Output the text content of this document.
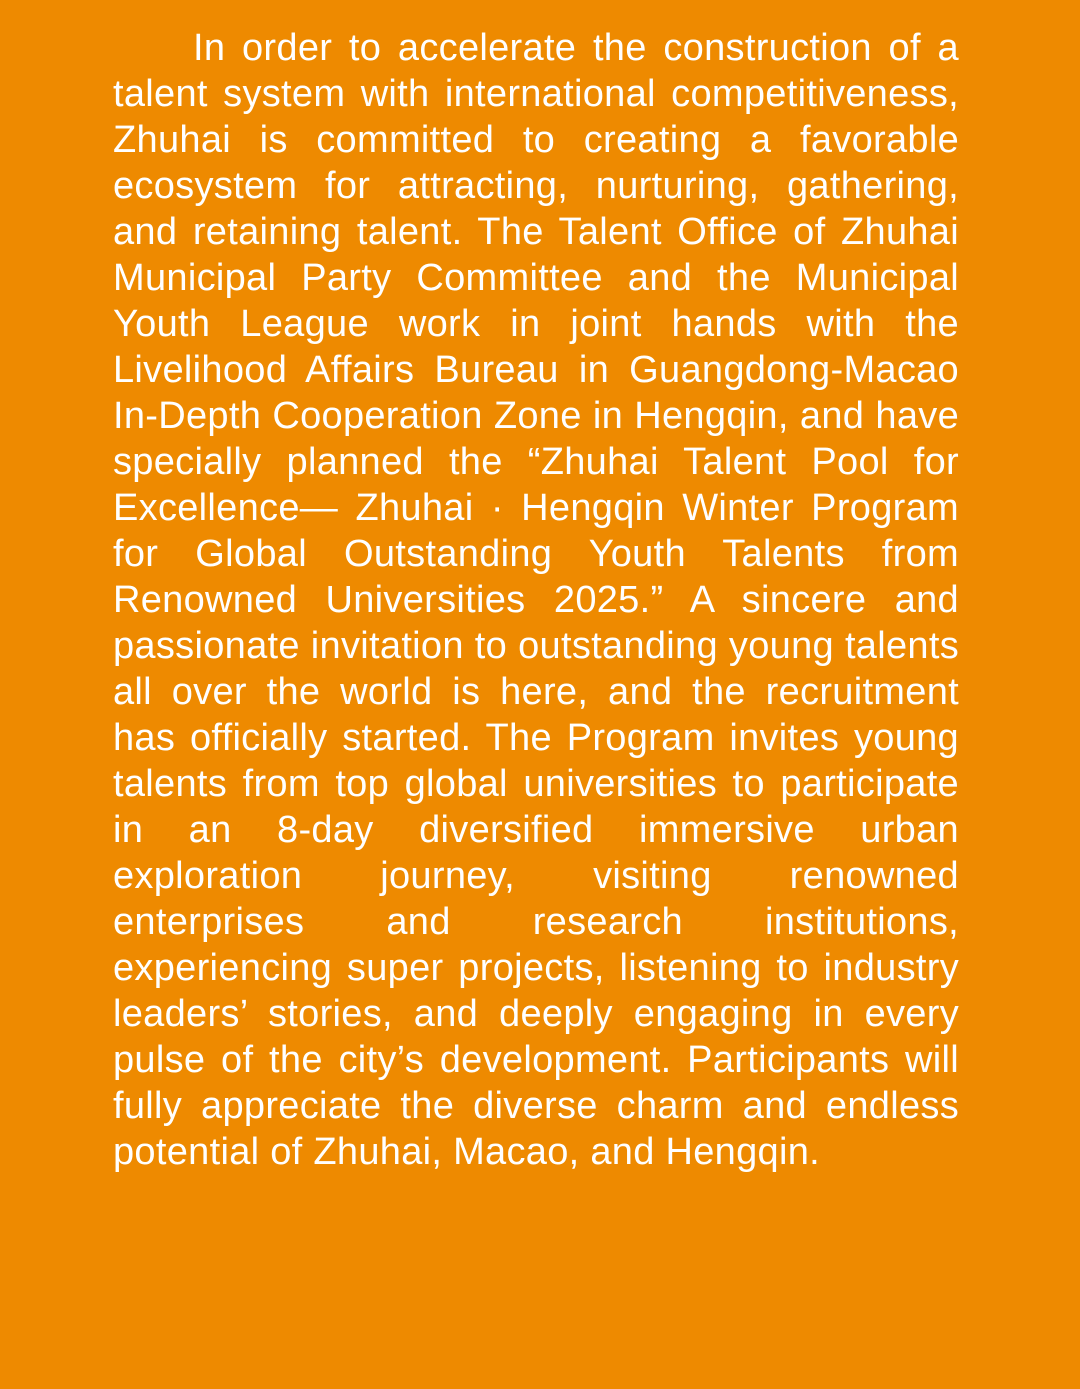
In order to accelerate the construction of a talent system with international competitiveness, Zhuhai is committed to creating a favorable ecosystem for attracting, nurturing, gathering, and retaining talent. The Talent Office of Zhuhai Municipal Party Committee and the Municipal Youth League work in joint hands with the Livelihood Affairs Bureau in Guangdong-Macao In-Depth Cooperation Zone in Hengqin, and have specially planned the “Zhuhai Talent Pool for Excellence— Zhuhai · Hengqin Winter Program for Global Outstanding Youth Talents from Renowned Universities 2025.” A sincere and passionate invitation to outstanding young talents all over the world is here, and the recruitment has officially started. The Program invites young talents from top global universities to participate in an 8-day diversified immersive urban exploration journey, visiting renowned enterprises and research institutions, experiencing super projects, listening to industry leaders’ stories, and deeply engaging in every pulse of the city’s development. Participants will fully appreciate the diverse charm and endless potential of Zhuhai, Macao, and Hengqin.
